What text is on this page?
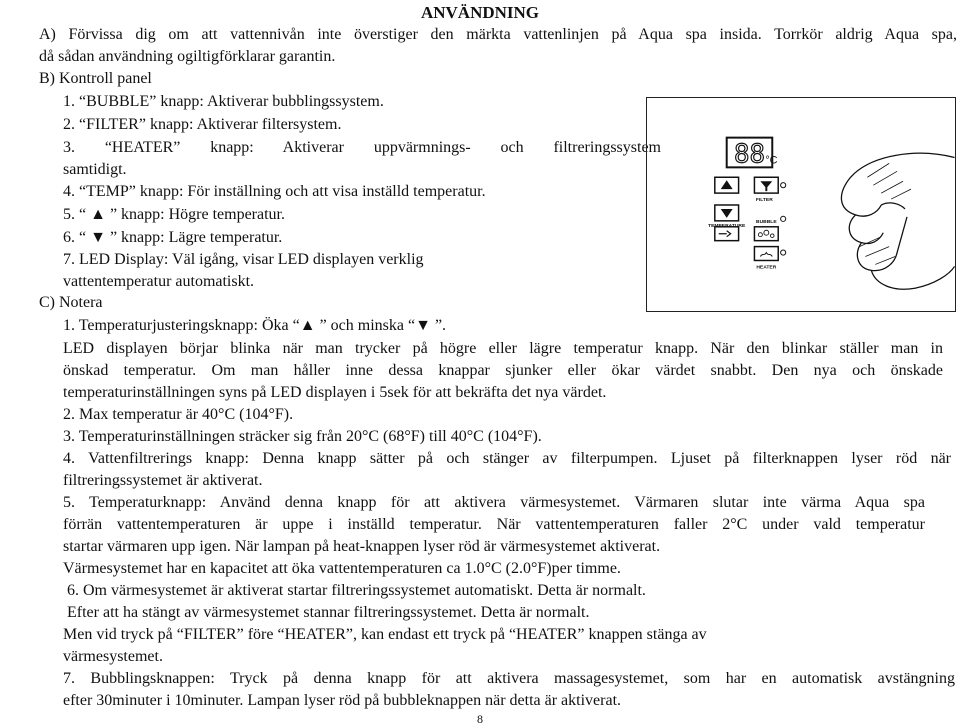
ANVÄNDNING
A) Förvissa dig om att vattennivån inte överstiger den märkta vattenlinjen på Aqua spa insida. Torrkör aldrig Aqua spa,
då sådan användning ogiltigförklarar garantin.
B) Kontroll panel
1. “BUBBLE” knapp: Aktiverar bubblingssystem.
2. “FILTER” knapp: Aktiverar filtersystem.
3. “HEATER” knapp: Aktiverar uppvärmnings- och filtreringssystem
samtidigt.
4. “TEMP” knapp: För inställning och att visa inställd temperatur.
5. “ ▲ ” knapp: Högre temperatur.
6. “ ▼ ” knapp: Lägre temperatur.
7. LED Display: Väl igång, visar LED displayen verklig
vattentemperatur automatiskt.
C) Notera
1. Temperaturjusteringsknapp: Öka “▲ ” och minska “▼ ”.
LED displayen börjar blinka när man trycker på högre eller lägre temperatur knapp. När den blinkar ställer man in
önskad temperatur. Om man håller inne dessa knappar sjunker eller ökar värdet snabbt. Den nya och önskade
temperaturinställningen syns på LED displayen i 5sek för att bekräfta det nya värdet.
2. Max temperatur är 40°C (104°F).
3. Temperaturinställningen sträcker sig från 20°C (68°F) till 40°C (104°F).
4. Vattenfiltrerings knapp: Denna knapp sätter på och stänger av filterpumpen. Ljuset på filterknappen lyser röd när
filtreringssystemet är aktiverat.
5. Temperaturknapp: Använd denna knapp för att aktivera värmesystemet. Värmaren slutar inte värma Aqua spa
förrän vattentemperaturen är uppe i inställd temperatur. När vattentemperaturen faller 2°C under vald temperatur
startar värmaren upp igen. När lampan på heat-knappen lyser röd är värmesystemet aktiverat.
Värmesystemet har en kapacitet att öka vattentemperaturen ca 1.0°C (2.0°F)per timme.
6. Om värmesystemet är aktiverat startar filtreringssystemet automatiskt. Detta är normalt.
Efter att ha stängt av värmesystemet stannar filtreringssystemet. Detta är normalt.
Men vid tryck på “FILTER” före “HEATER”, kan endast ett tryck på “HEATER” knappen stänga av
värmesystemet.
7. Bubblingsknappen: Tryck på denna knapp för att aktivera massagesystemet, som har en automatisk avstängning
efter 30minuter i 10minuter. Lampan lyser röd på bubbleknappen när detta är aktiverat.
88 °C
FILTER
TEMPERATURE
BUBBLE
HEATER
8
